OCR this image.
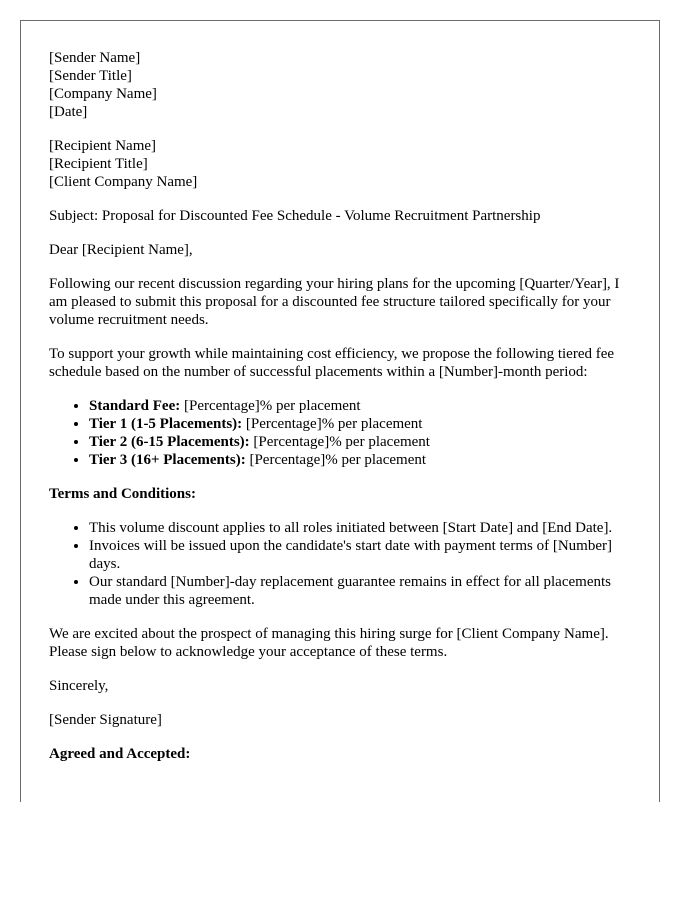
[Sender Name]
[Sender Title]
[Company Name]
[Date]
[Recipient Name]
[Recipient Title]
[Client Company Name]

Subject: Proposal for Discounted Fee Schedule - Volume Recruitment Partnership

Dear [Recipient Name],

Following our recent discussion regarding your hiring plans for the upcoming [Quarter/Year], I am pleased to submit this proposal for a discounted fee structure tailored specifically for your volume recruitment needs.

To support your growth while maintaining cost efficiency, we propose the following tiered fee schedule based on the number of successful placements within a [Number]-month period:

• Standard Fee: [Percentage]% per placement
• Tier 1 (1-5 Placements): [Percentage]% per placement
• Tier 2 (6-15 Placements): [Percentage]% per placement
• Tier 3 (16+ Placements): [Percentage]% per placement

Terms and Conditions:

• This volume discount applies to all roles initiated between [Start Date] and [End Date].
• Invoices will be issued upon the candidate's start date with payment terms of [Number] days.
• Our standard [Number]-day replacement guarantee remains in effect for all placements made under this agreement.

We are excited about the prospect of managing this hiring surge for [Client Company Name]. Please sign below to acknowledge your acceptance of these terms.

Sincerely,

[Sender Signature]

Agreed and Accepted:
